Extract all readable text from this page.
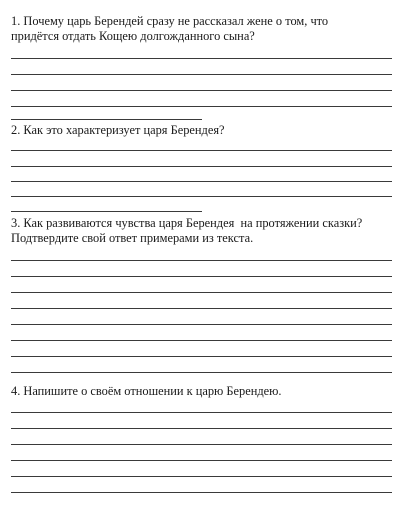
1. Почему царь Берендей сразу не рассказал жене о том, что
придётся отдать Кощею долгожданного сына?
2. Как это характеризует царя Берендея?
3. Как развиваются чувства царя Берендея  на протяжении сказки?
Подтвердите свой ответ примерами из текста.
4. Напишите о своём отношении к царю Берендею.
